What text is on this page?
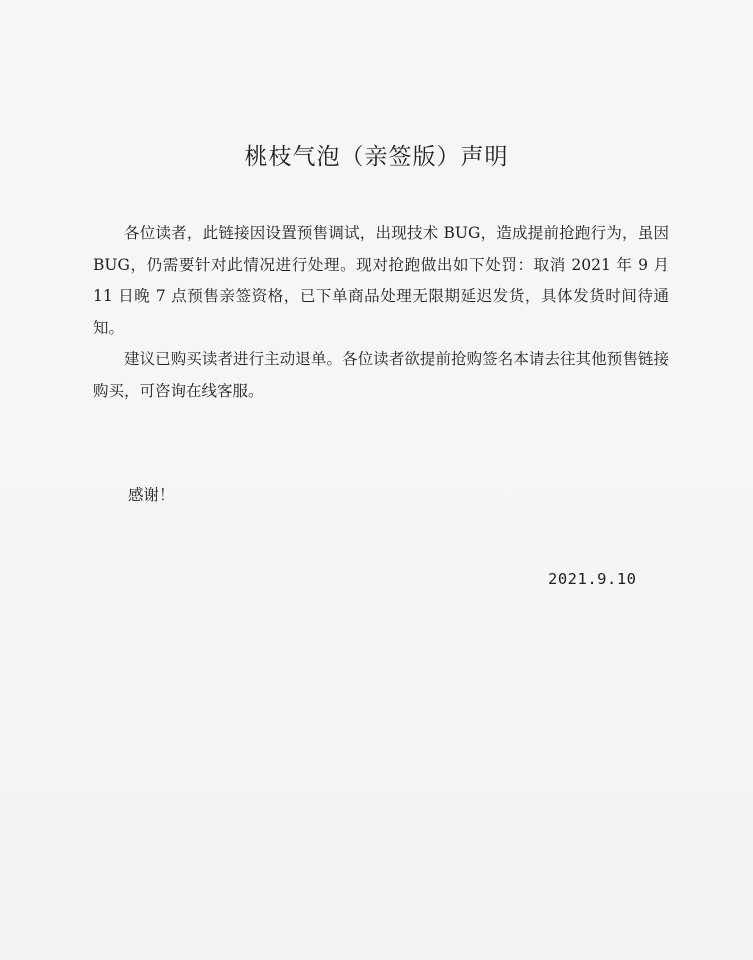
桃枝气泡（亲签版）声明

各位读者，此链接因设置预售调试，出现技术 BUG，造成提前抢跑行为，虽因 BUG，仍需要针对此情况进行处理。现对抢跑做出如下处罚：取消 2021 年 9 月 11 日晚 7 点预售亲签资格，已下单商品处理无限期延迟发货，具体发货时间待通知。

建议已购买读者进行主动退单。各位读者欲提前抢购签名本请去往其他预售链接购买，可咨询在线客服。

感谢！

2021.9.10
